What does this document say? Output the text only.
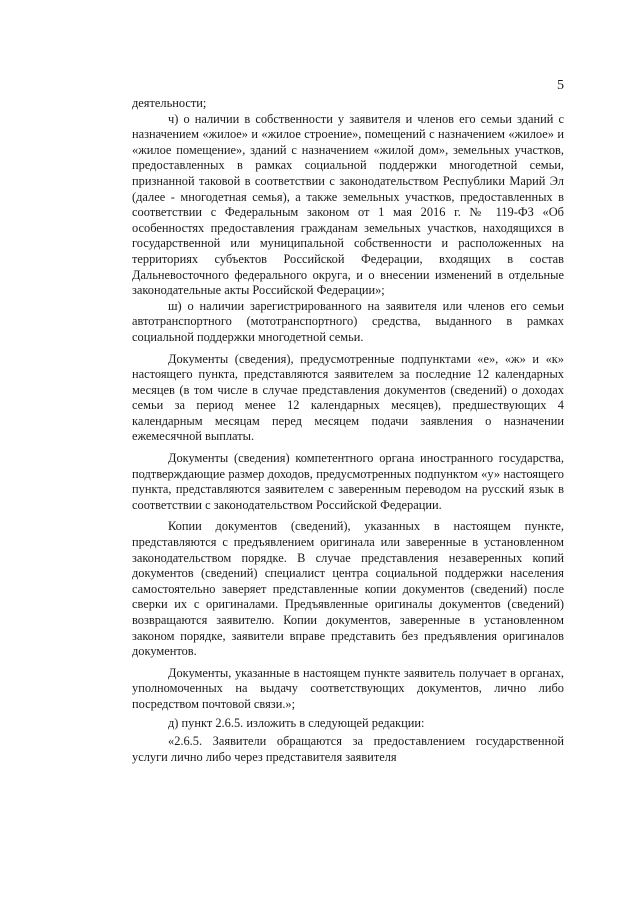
5

деятельности;

ч) о наличии в собственности у заявителя и членов его семьи зданий с назначением «жилое» и «жилое строение», помещений с назначением «жилое» и «жилое помещение», зданий с назначением «жилой дом», земельных участков, предоставленных в рамках социальной поддержки многодетной семьи, признанной таковой в соответствии с законодательством Республики Марий Эл (далее - многодетная семья), а также земельных участков, предоставленных в соответствии с Федеральным законом от 1 мая 2016 г. № 119-ФЗ «Об особенностях предоставления гражданам земельных участков, находящихся в государственной или муниципальной собственности и расположенных на территориях субъектов Российской Федерации, входящих в состав Дальневосточного федерального округа, и о внесении изменений в отдельные законодательные акты Российской Федерации»;

ш) о наличии зарегистрированного на заявителя или членов его семьи автотранспортного (мототранспортного) средства, выданного в рамках социальной поддержки многодетной семьи.

Документы (сведения), предусмотренные подпунктами «е», «ж» и «к» настоящего пункта, представляются заявителем за последние 12 календарных месяцев (в том числе в случае представления документов (сведений) о доходах семьи за период менее 12 календарных месяцев), предшествующих 4 календарным месяцам перед месяцем подачи заявления о назначении ежемесячной выплаты.

Документы (сведения) компетентного органа иностранного государства, подтверждающие размер доходов, предусмотренных подпунктом «у» настоящего пункта, представляются заявителем с заверенным переводом на русский язык в соответствии с законодательством Российской Федерации.

Копии документов (сведений), указанных в настоящем пункте, представляются с предъявлением оригинала или заверенные в установленном законодательством порядке. В случае представления незаверенных копий документов (сведений) специалист центра социальной поддержки населения самостоятельно заверяет представленные копии документов (сведений) после сверки их с оригиналами. Предъявленные оригиналы документов (сведений) возвращаются заявителю. Копии документов, заверенные в установленном законом порядке, заявители вправе представить без предъявления оригиналов документов.

Документы, указанные в настоящем пункте заявитель получает в органах, уполномоченных на выдачу соответствующих документов, лично либо посредством почтовой связи.»;

д) пункт 2.6.5. изложить в следующей редакции:

«2.6.5. Заявители обращаются за предоставлением государственной услуги лично либо через представителя заявителя
